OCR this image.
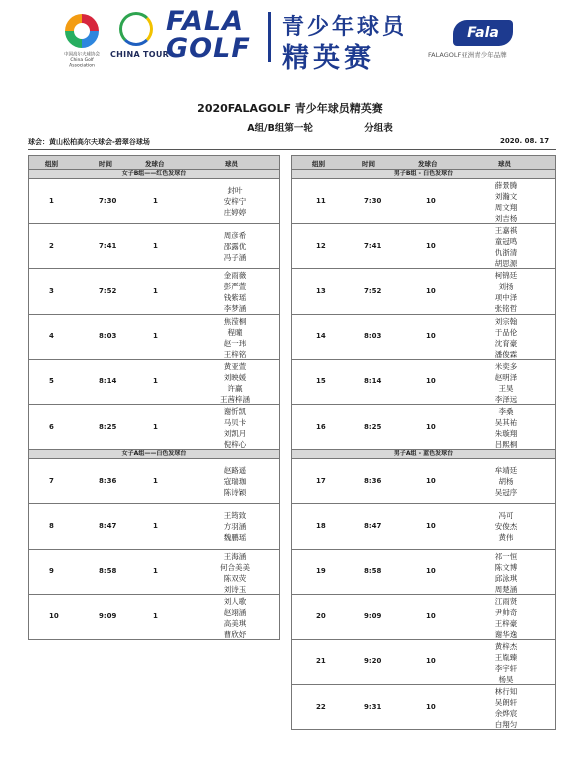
中国高尔夫球协会
China Golf Association
CHINA TOUR
FALA
GOLF
青少年球员
精英赛
Fala
FALAGOLF亚洲青少年品牌
2020FALAGOLF 青少年球员精英赛
A组/B组第一轮	分组表
球会：黄山松柏高尔夫球会-碧翠谷球场	2020. 08. 17
组别	时间	发球台	球员
女子B组——红色发球台
1	7:30	1
封叶
安梓宁
庄婷婷
2	7:41	1
周彦希
邵露优
冯子涵
3	7:52	1
金雨薇
彭严萱
钱紫瑶
李梦涵
4	8:03	1
焦滢桐
程曈
赵一玮
王梓铭
5	8:14	1
黄亚萱
刘映媛
许赢
王茜梓涵
6	8:25	1
谢忻凯
马贝卡
刘凯月
倪梓心
女子A组——白色发球台
7	8:36	1
赵路遥
寇瑞珈
陈诗颖
8	8:47	1
王筠致
方羽涵
魏鹏瑶
9	8:58	1
王海涵
何合美美
陈双荧
刘诗玉
10	9:09	1
刘人歌
赵翊涵
高美琪
曹欣妤
组别	时间	发球台	球员
男子B组 - 白色发球台
11	7:30	10
薛景腾
刘瀚文
周文翔
刘吉杨
12	7:41	10
王嘉祺
童冠鸣
仇浙清
胡思源
13	7:52	10
柯锦廷
刘扬
项中泽
张铭哲
14	8:03	10
刘宗翰
于品伦
沈育豪
潘俊霖
15	8:14	10
米奕多
赵明泽
王昊
李泽远
16	8:25	10
李桑
吴其祐
朱璇翔
吕熙桐
男子A组 - 蓝色发球台
17	8:36	10
牟靖廷
胡杨
吴冠序
18	8:47	10
冯可
安俊杰
黄伟
19	8:58	10
祁一恒
陈文博
邱泳琪
周楚涵
20	9:09	10
江雨贤
尹帅奇
王梓豪
谢华逸
21	9:20	10
黄梓杰
王胤臻
李宇轩
杨昊
22	9:31	10
林行知
吴朗轩
余烨宸
白翔匀
